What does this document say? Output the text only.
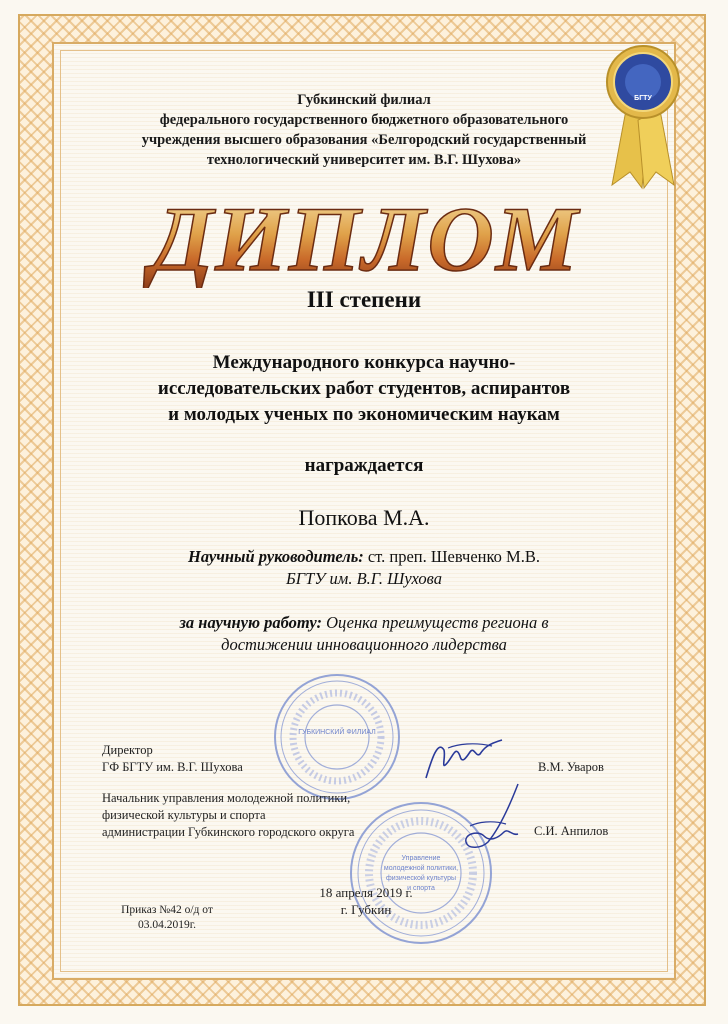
БГТУ
Губкинский филиал
федерального государственного бюджетного образовательного
учреждения высшего образования «Белгородский государственный
технологический университет им. В.Г. Шухова»
ДИПЛОМ
III степени
Международного конкурса научно-
исследовательских работ студентов, аспирантов
и молодых ученых по экономическим наукам
награждается
Попкова М.А.
Научный руководитель: ст. преп. Шевченко М.В.
БГТУ им. В.Г. Шухова
за научную работу: Оценка преимуществ региона в
достижении инновационного лидерства
ГУБКИНСКИЙ ФИЛИАЛ
Управление
молодежной политики,
физической культуры
и спорта
Директор
ГФ БГТУ им. В.Г. Шухова	В.М. Уваров
Начальник управления молодежной политики,
физической культуры и спорта
администрации Губкинского городского округа	С.И. Анпилов
18 апреля 2019 г.
г. Губкин
Приказ №42 о/д от
03.04.2019г.
